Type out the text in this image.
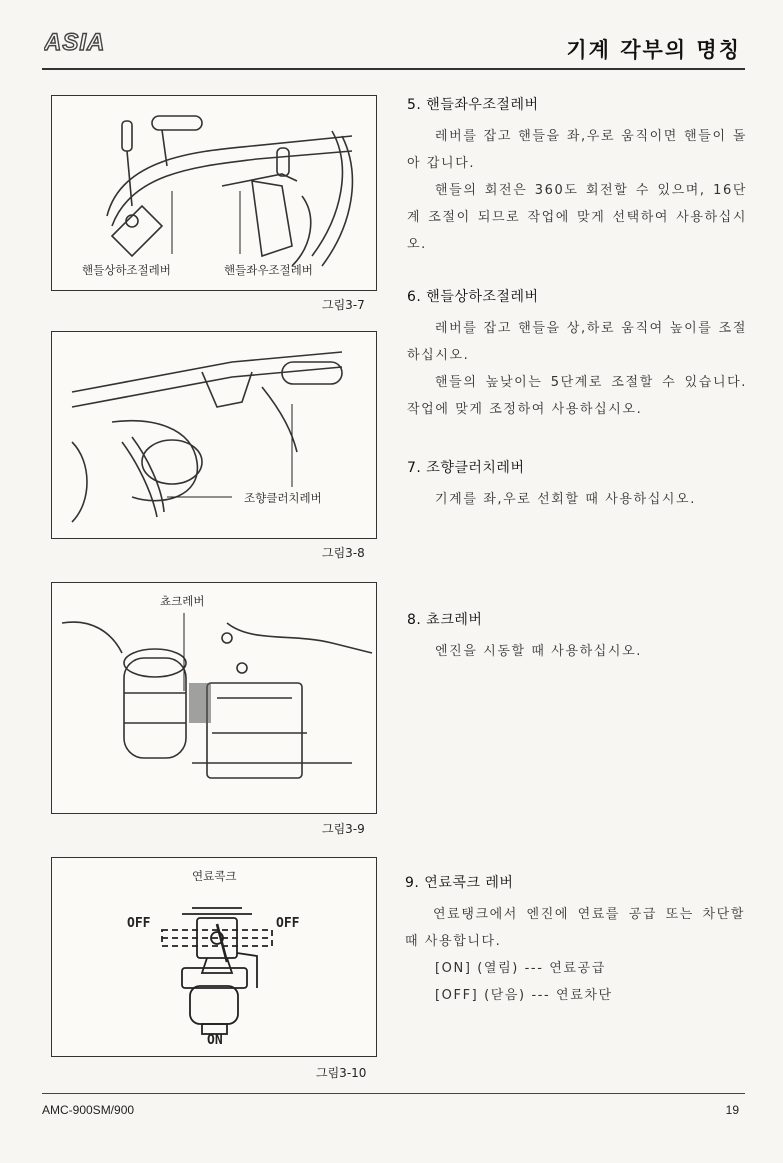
ASIA	기계 각부의 명칭
핸들상하조절레버	핸들좌우조절레버
그림3-7
조향클러치레버
그림3-8
쵸크레버
그림3-9
연료콕크
OFF	OFF
ON
그림3-10
5. 핸들좌우조절레버

레버를 잡고 핸들을 좌,우로 움직이면 핸들이 돌아 갑니다.

핸들의 회전은 360도 회전할 수 있으며, 16단계 조절이 되므로 작업에 맞게 선택하여 사용하십시오.

6. 핸들상하조절레버

레버를 잡고 핸들을 상,하로 움직여 높이를 조절하십시오.

핸들의 높낮이는 5단계로 조절할 수 있습니다. 작업에 맞게 조정하여 사용하십시오.

7. 조향클러치레버

기계를 좌,우로 선회할 때 사용하십시오.

8. 쵸크레버

엔진을 시동할 때 사용하십시오.

9. 연료콕크 레버

연료탱크에서 엔진에 연료를 공급 또는 차단할 때 사용합니다.

[ON] (열림) --- 연료공급

[OFF] (닫음) --- 연료차단

AMC-900SM/900	19
